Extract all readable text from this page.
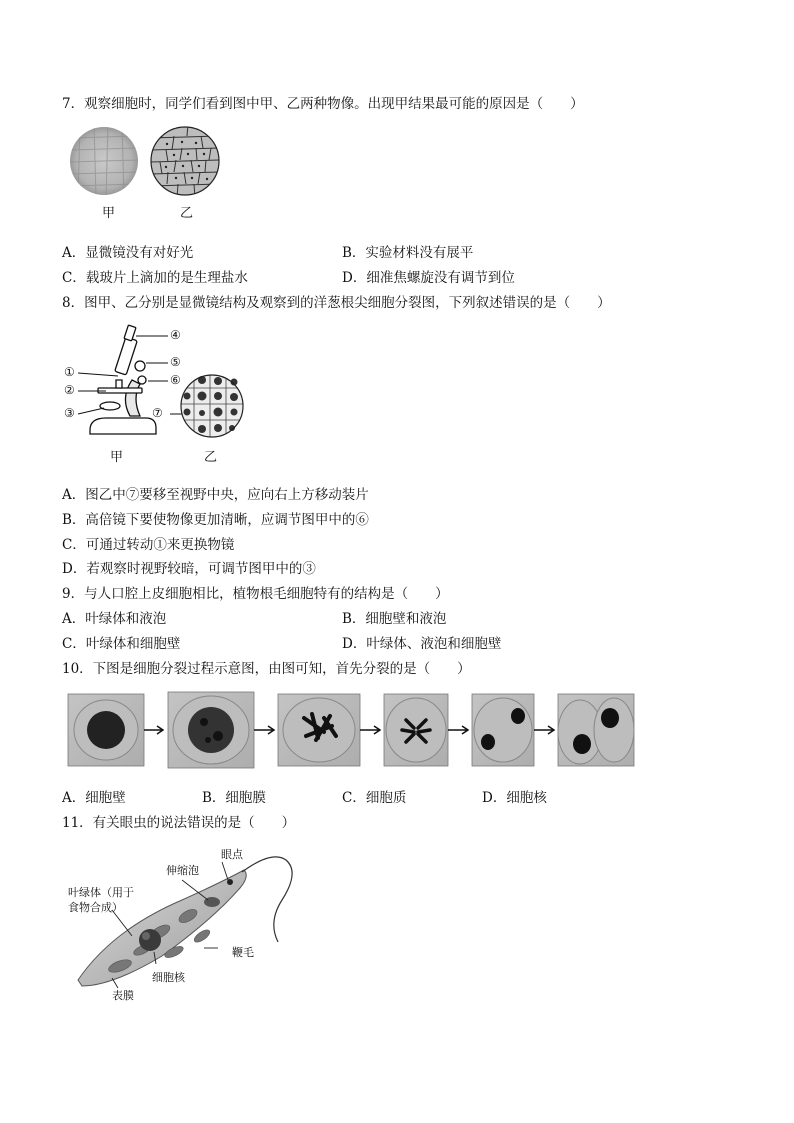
7．观察细胞时，同学们看到图中甲、乙两种物像。出现甲结果最可能的原因是（　　）
甲	乙
A．显微镜没有对好光	B．实验材料没有展平
C．载玻片上滴加的是生理盐水	D．细准焦螺旋没有调节到位
8．图甲、乙分别是显微镜结构及观察到的洋葱根尖细胞分裂图，下列叙述错误的是（　　）
①
②
③
④
⑤
⑥
⑦
甲	乙
A．图乙中⑦要移至视野中央，应向右上方移动装片
B．高倍镜下要使物像更加清晰，应调节图甲中的⑥
C．可通过转动①来更换物镜
D．若观察时视野较暗，可调节图甲中的③
9．与人口腔上皮细胞相比，植物根毛细胞特有的结构是（　　）
A．叶绿体和液泡	B．细胞壁和液泡
C．叶绿体和细胞壁	D．叶绿体、液泡和细胞壁
10．下图是细胞分裂过程示意图，由图可知，首先分裂的是（　　）
A．细胞壁	B．细胞膜	C．细胞质	D．细胞核
11．有关眼虫的说法错误的是（　　）
眼点
伸缩泡
叶绿体（用于
食物合成）
鞭毛
细胞核
表膜
